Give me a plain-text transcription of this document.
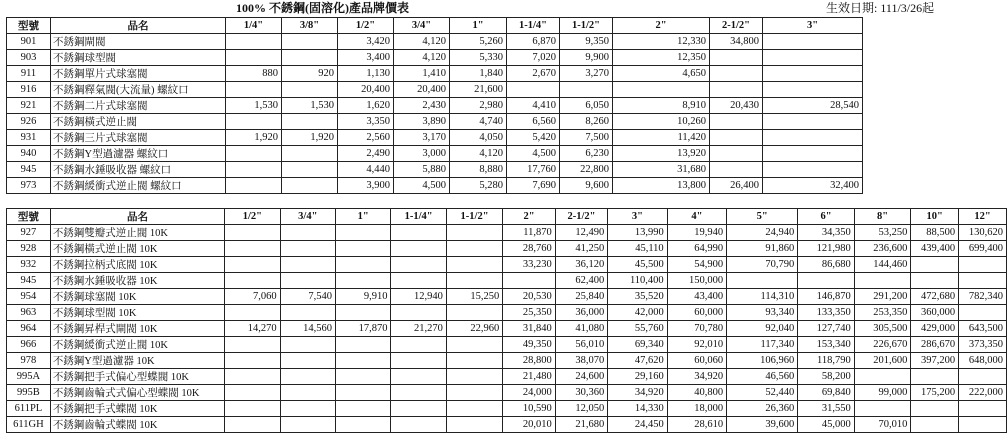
100% 不銹鋼(固溶化)產品牌價表	生效日期: 111/3/26起
型號	品名	1/4"	3/8"	1/2"	3/4"	1"	1-1/4"	1-1/2"	2"	2-1/2"	3"
901	不銹鋼閘閥			3,420	4,120	5,260	6,870	9,350	12,330	34,800	
903	不銹鋼球型閥			3,400	4,120	5,330	7,020	9,900	12,350		
911	不銹鋼單片式球塞閥	880	920	1,130	1,410	1,840	2,670	3,270	4,650		
916	不銹鋼釋氣閥(大流量) 螺紋口			20,400	20,400	21,600					
921	不銹鋼二片式球塞閥	1,530	1,530	1,620	2,430	2,980	4,410	6,050	8,910	20,430	28,540
926	不銹鋼橫式逆止閥			3,350	3,890	4,740	6,560	8,260	10,260		
931	不銹鋼三片式球塞閥	1,920	1,920	2,560	3,170	4,050	5,420	7,500	11,420		
940	不銹鋼Y型過濾器 螺紋口			2,490	3,000	4,120	4,500	6,230	13,920		
945	不銹鋼水錘吸收器 螺紋口			4,440	5,880	8,880	17,760	22,800	31,680		
973	不銹鋼緩衝式逆止閥 螺紋口			3,900	4,500	5,280	7,690	9,600	13,800	26,400	32,400
型號	品名	1/2"	3/4"	1"	1-1/4"	1-1/2"	2"	2-1/2"	3"	4"	5"	6"	8"	10"	12"
927	不銹鋼雙瓣式逆止閥 10K						11,870	12,490	13,990	19,940	24,940	34,350	53,250	88,500	130,620
928	不銹鋼橫式逆止閥 10K						28,760	41,250	45,110	64,990	91,860	121,980	236,600	439,400	699,400
932	不銹鋼拉柄式底閥 10K						33,230	36,120	45,500	54,900	70,790	86,680	144,460		
945	不銹鋼水錘吸收器 10K							62,400	110,400	150,000					
954	不銹鋼球塞閥 10K	7,060	7,540	9,910	12,940	15,250	20,530	25,840	35,520	43,400	114,310	146,870	291,200	472,680	782,340
963	不銹鋼球型閥 10K						25,350	36,000	42,000	60,000	93,340	133,350	253,350	360,000	
964	不銹鋼昇桿式閘閥 10K	14,270	14,560	17,870	21,270	22,960	31,840	41,080	55,760	70,780	92,040	127,740	305,500	429,000	643,500
966	不銹鋼緩衝式逆止閥 10K						49,350	56,010	69,340	92,010	117,340	153,340	226,670	286,670	373,350
978	不銹鋼Y型過濾器 10K						28,800	38,070	47,620	60,060	106,960	118,790	201,600	397,200	648,000
995A	不銹鋼把手式偏心型蝶閥 10K						21,480	24,600	29,160	34,920	46,560	58,200			
995B	不銹鋼齒輪式式偏心型蝶閥 10K						24,000	30,360	34,920	40,800	52,440	69,840	99,000	175,200	222,000
611PL	不銹鋼把手式蝶閥 10K						10,590	12,050	14,330	18,000	26,360	31,550			
611GH	不銹鋼齒輪式蝶閥 10K						20,010	21,680	24,450	28,610	39,600	45,000	70,010		
